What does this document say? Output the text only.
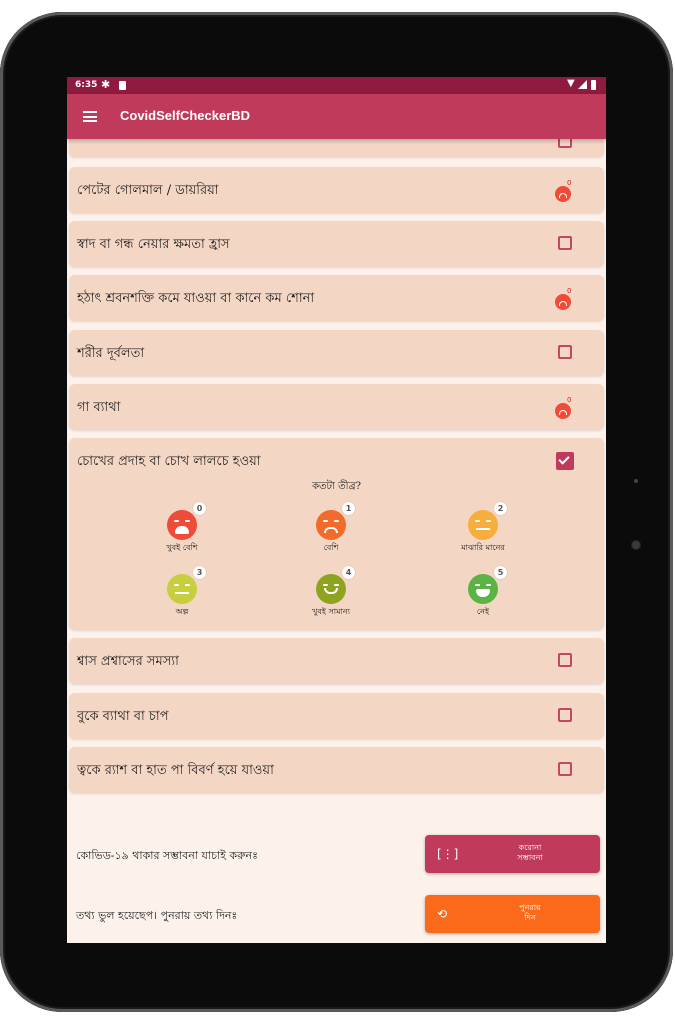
6:35 ✱	▼
CovidSelfCheckerBD
পেটের গোলমাল / ডায়রিয়া	0
স্বাদ বা গন্ধ নেয়ার ক্ষমতা হ্রাস
হঠাৎ শ্রবনশক্তি কমে যাওয়া বা কানে কম শোনা	0
শরীর দূর্বলতা
গা ব্যাথা	0
চোখের প্রদাহ বা চোখ লালচে হওয়া
কতটা তীব্র?
0
খুবই বেশি
1
বেশি
2
মাঝারি মানের
3
অল্প
4
খুবই সামান্য
5
নেই
শ্বাস প্রশ্বাসের সমস্যা
বুকে ব্যাথা বা চাপ
ত্বকে র‍্যাশ বা হাত পা বিবর্ণ হয়ে যাওয়া
কোভিড-১৯ থাকার সম্ভাবনা যাচাই করুনঃ	[⋮]	করোনা
সম্ভাবনা
তথ্য ভুল হয়েছেপ। পুনরায় তথ্য দিনঃ	⟲	পুনরায়
দিন
